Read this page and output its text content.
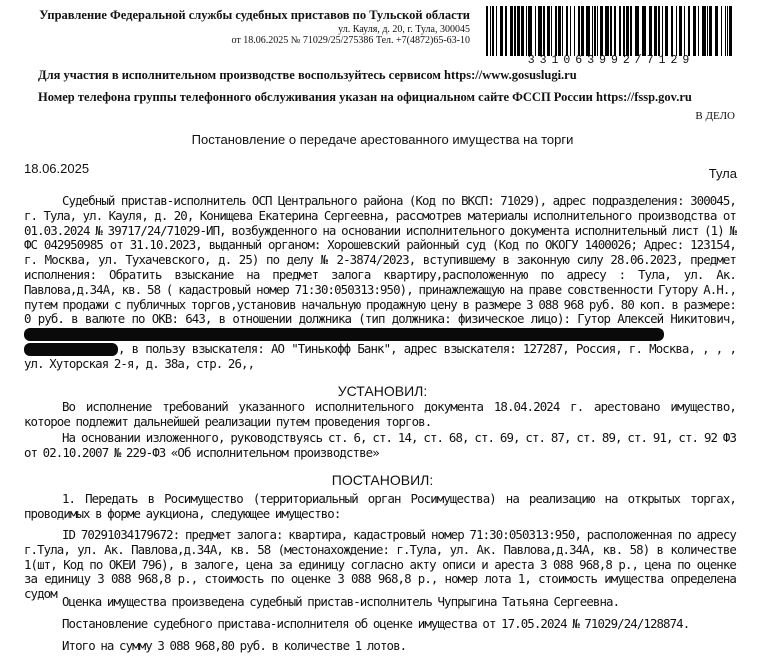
Управление Федеральной службы судебных приставов по Тульской области
ул. Кауля, д. 20, г. Тула, 300045
от 18.06.2025 № 71029/25/275386 Тел. +7(4872)65-63-10
331063992/7129
Для участия в исполнительном производстве воспользуйтесь сервисом https://www.gosuslugi.ru
Номер телефона группы телефонного обслуживания указан на официальном сайте ФССП России https://fssp.gov.ru
В ДЕЛО
Постановление о передаче арестованного имущества на торги
18.06.2025	Тула
Судебный пристав-исполнитель ОСП Центрального района (Код по ВКСП: 71029), адрес подразделения: 300045, г. Тула, ул. Кауля, д. 20, Конищева Екатерина Сергеевна, рассмотрев материалы исполнительного производства от 01.03.2024 № 39717/24/71029-ИП, возбужденного на основании исполнительного документа исполнительный лист (1) № ФС 042950985 от 31.10.2023, выданный органом: Хорошевский районный суд (Код по ОКОГУ 1400026; Адрес: 123154, г. Москва, ул. Тухачевского, д. 25) по делу № 2-3874/2023, вступившему в законную силу 28.06.2023, предмет исполнения: Обратить взыскание на предмет залога квартиру,расположенную по адресу : Тула, ул. Ак. Павлова,д.34А, кв. 58 ( кадастровый номер 71:30:050313:950), принажлежащую на праве совственности Гутору А.Н., путем продажи с публичных торгов,установив начальную продажную цену в размере 3 088 968 руб. 80 коп. в размере: 0 руб. в валюте по ОКВ: 643, в отношении должника (тип должника: физическое лицо): Гутор Алексей Никитович,  , в пользу взыскателя: АО "Тинькофф Банк", адрес взыскателя: 127287, Россия, г. Москва, , , , ул. Хуторская 2-я, д. 38а, стр. 26,,
УСТАНОВИЛ:
Во исполнение требований указанного исполнительного документа 18.04.2024 г. арестовано имущество, которое подлежит дальнейшей реализации путем проведения торгов.
На основании изложенного, руководствуясь ст. 6, ст. 14, ст. 68, ст. 69, ст. 87, ст. 89, ст. 91, ст. 92 ФЗ от 02.10.2007 № 229-ФЗ «Об исполнительном производстве»
ПОСТАНОВИЛ:
1. Передать в Росимущество (территориальный орган Росимущества) на реализацию на открытых торгах, проводимых в форме аукциона, следующее имущество:
ID 70291034179672: предмет залога: квартира, кадастровый номер 71:30:050313:950, расположенная по адресу г.Тула, ул. Ак. Павлова,д.34А, кв. 58 (местонахождение: г.Тула, ул. Ак. Павлова,д.34А, кв. 58) в количестве 1(шт, Код по ОКЕИ 796), в залоге, цена за единицу согласно акту описи и ареста 3 088 968,8 р., цена по оценке за единицу 3 088 968,8 р., стоимость по оценке 3 088 968,8 р., номер лота 1, стоимость имущества определена судом
Оценка имущества произведена судебный пристав-исполнитель Чупрыгина Татьяна Сергеевна.
Постановление судебного пристава-исполнителя об оценке имущества от 17.05.2024 № 71029/24/128874.
Итого на сумму 3 088 968,80 руб. в количестве 1 лотов.
